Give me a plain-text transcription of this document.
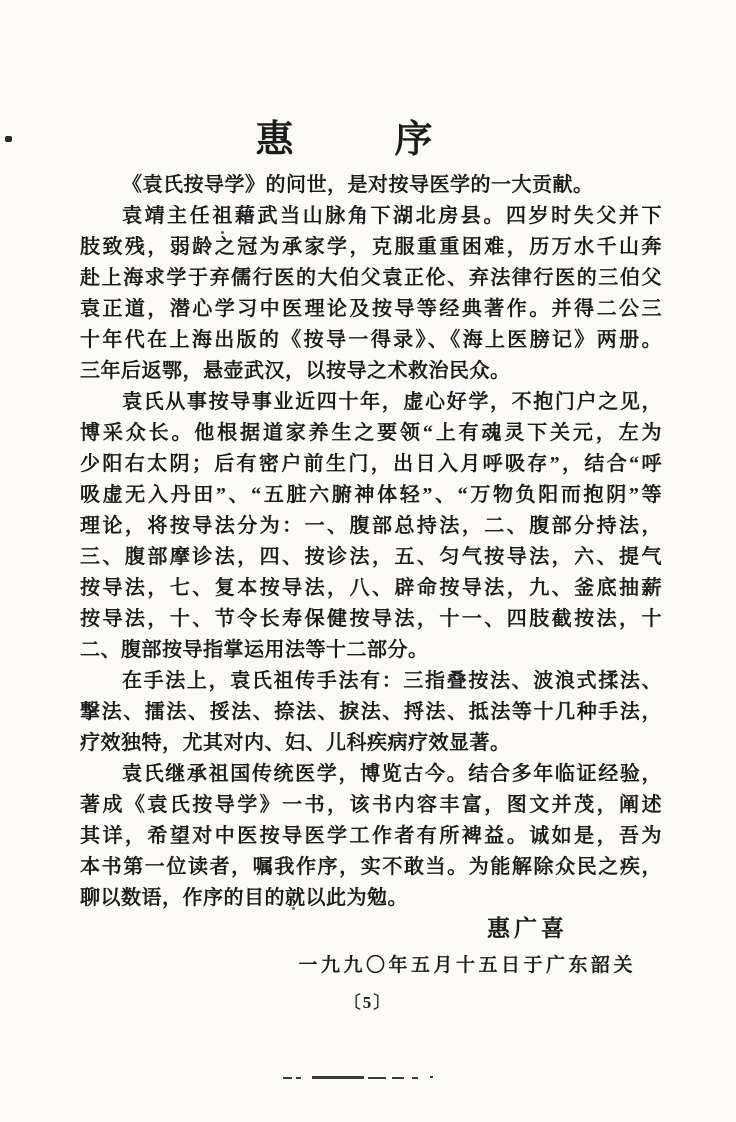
惠	序
《袁氏按导学》的问世，是对按导医学的一大贡献。
袁靖主任祖藉武当山脉角下湖北房县。四岁时失父并下
肢致残，弱龄之冠为承家学，克服重重困难，历万水千山奔
赴上海求学于弃儒行医的大伯父袁正伦、弃法律行医的三伯父
袁正道，潜心学习中医理论及按导等经典著作。并得二公三
十年代在上海出版的《按导一得录》、《海上医膀记》两册。
三年后返鄂，悬壶武汉，以按导之术救治民众。
袁氏从事按导事业近四十年，虚心好学，不抱门户之见，
博采众长。他根据道家养生之要领“上有魂灵下关元，左为
少阳右太阴；后有密户前生门，出日入月呼吸存”，结合“呼
吸虚无入丹田”、“五脏六腑神体轻”、“万物负阳而抱阴”等
理论，将按导法分为：一、腹部总持法，二、腹部分持法，
三、腹部摩诊法，四、按诊法，五、匀气按导法，六、提气
按导法，七、复本按导法，八、辟命按导法，九、釜底抽薪
按导法，十、节令长寿保健按导法，十一、四肢截按法，十
二、腹部按导指掌运用法等十二部分。
在手法上，袁氏祖传手法有：三指叠按法、波浪式揉法、
撃法、擂法、挼法、捺法、捩法、捋法、抵法等十几种手法，
疗效独特，尤其对内、妇、儿科疾病疗效显著。
袁氏继承祖国传统医学，博览古今。结合多年临证经验，
著成《袁氏按导学》一书，该书内容丰富，图文并茂，阐述
其详，希望对中医按导医学工作者有所裨益。诚如是，吾为
本书第一位读者，嘱我作序，实不敢当。为能解除众民之疾，
聊以数语，作序的目的就以此为勉。
惠广喜
一九九〇年五月十五日于广东韶关
〔5〕
